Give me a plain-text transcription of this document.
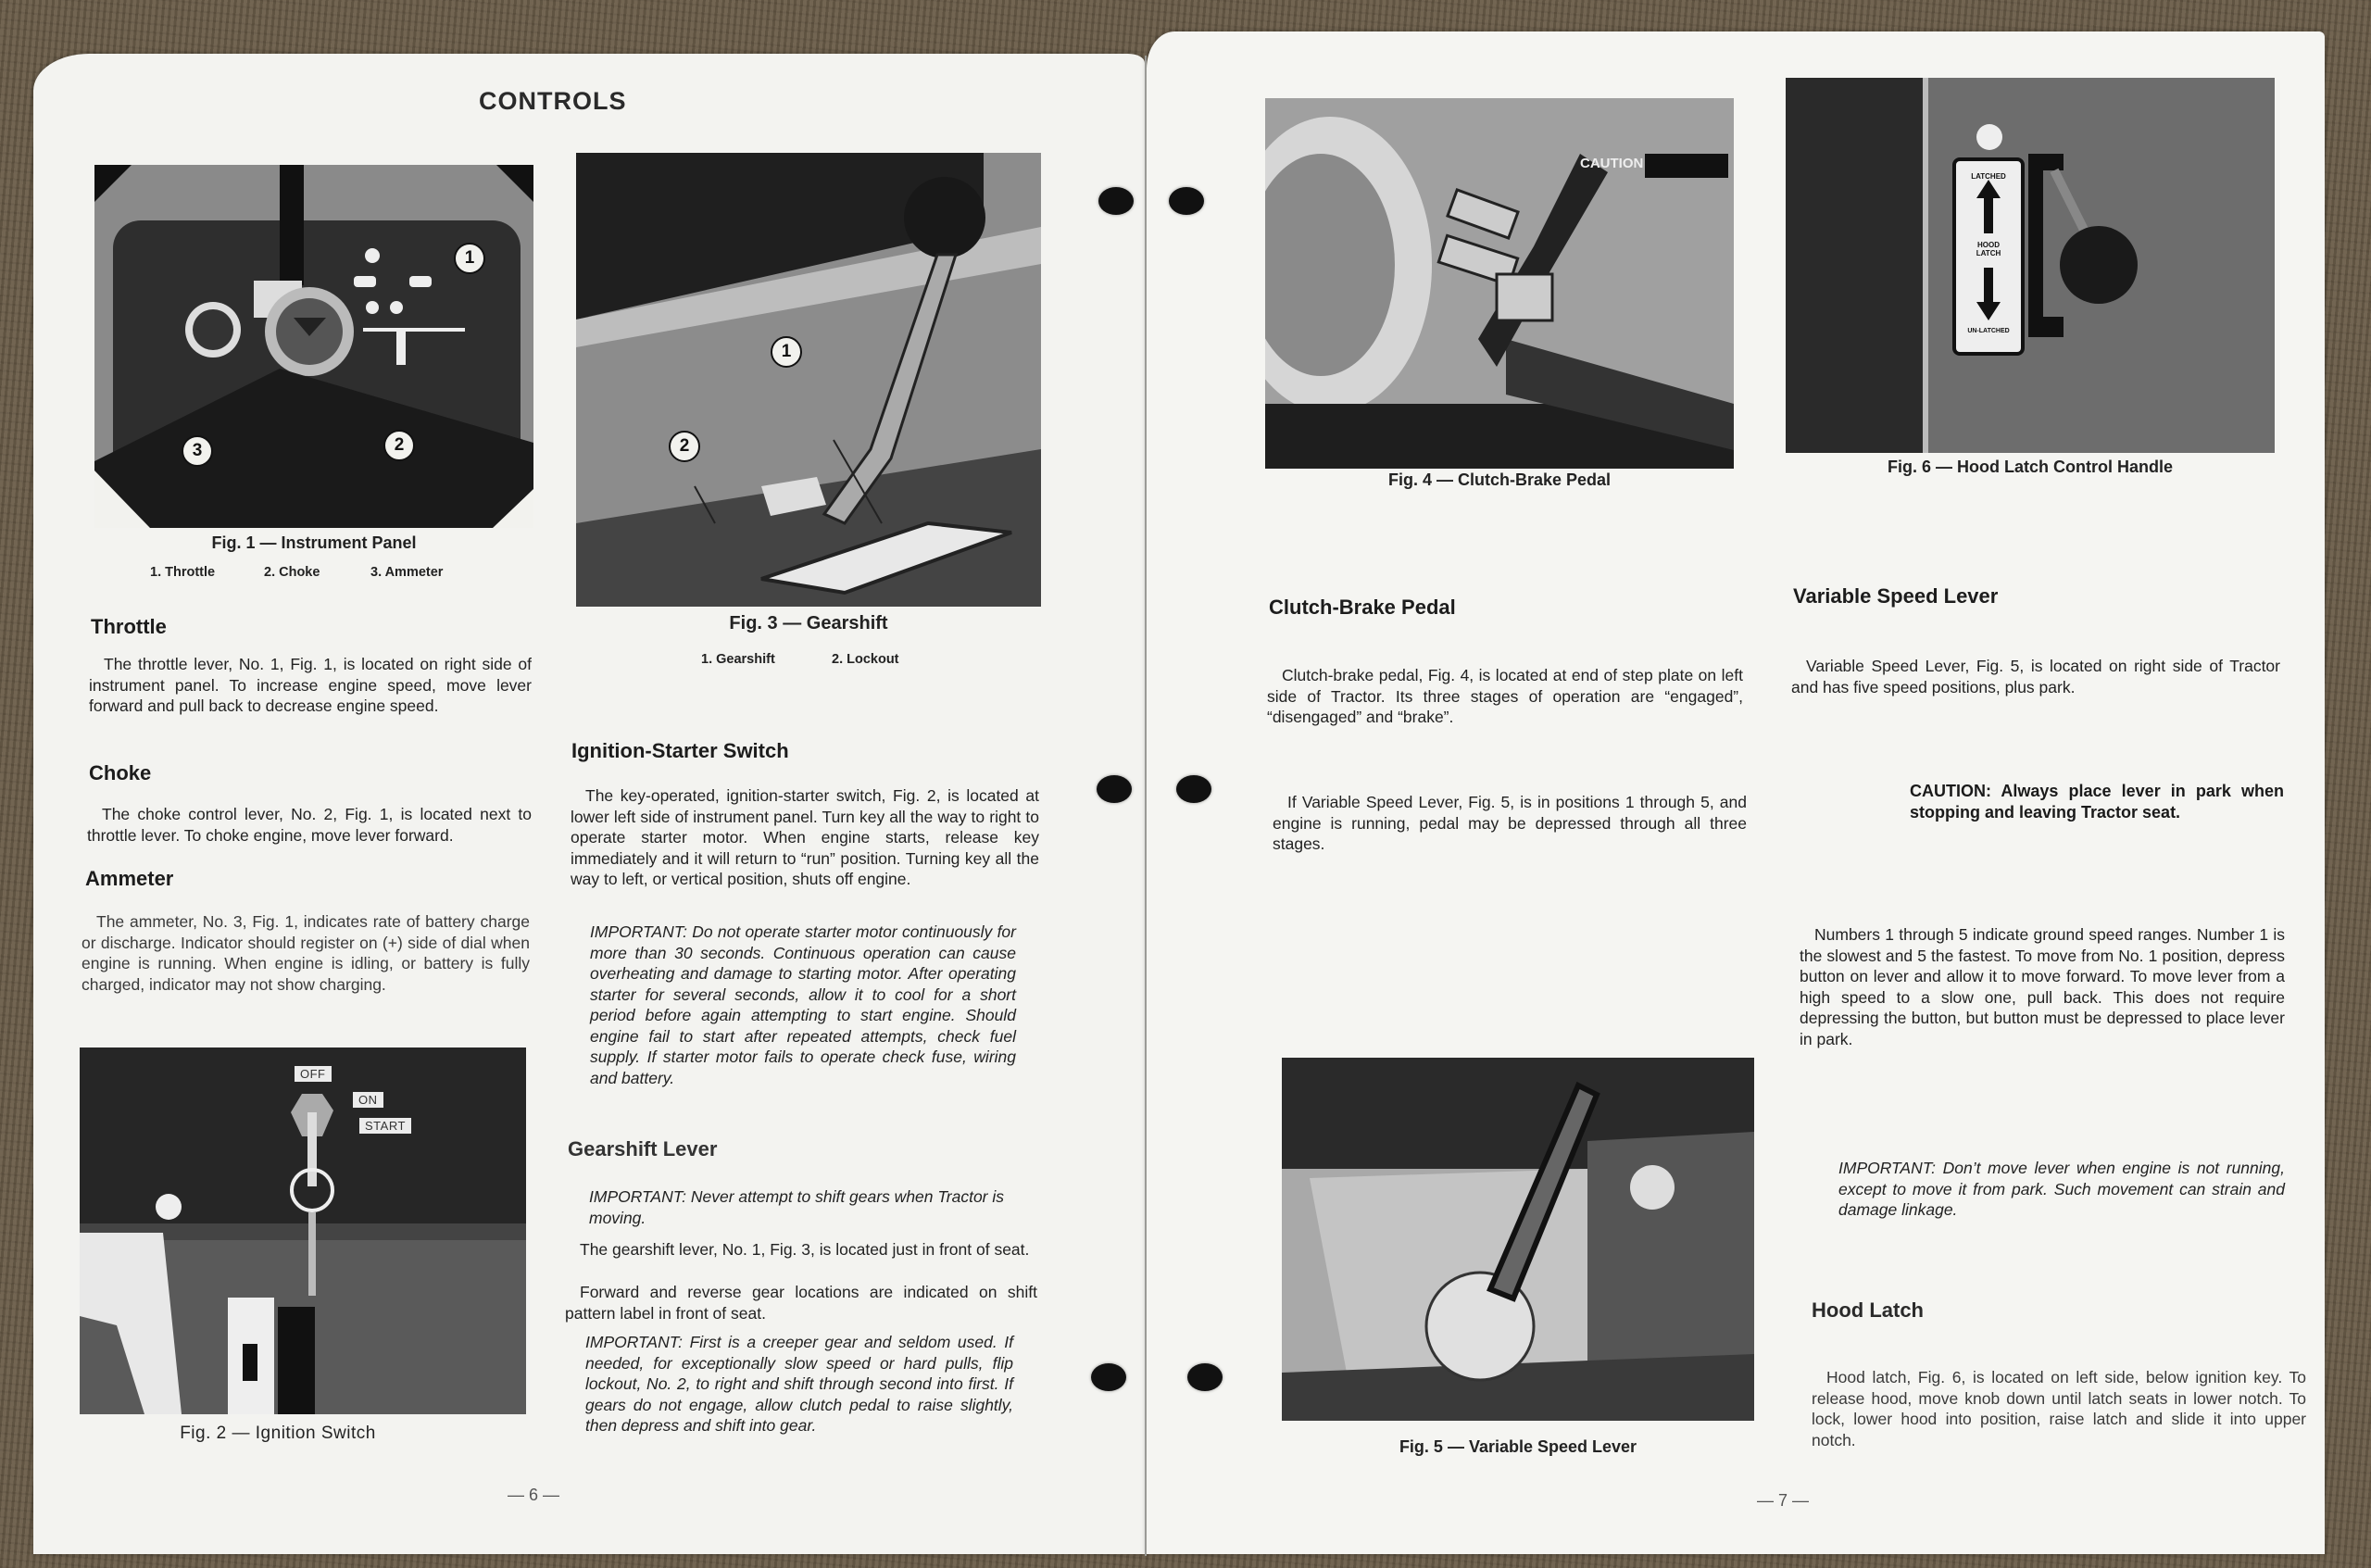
CONTROLS
1
2
3
Fig. 1 — Instrument Panel
1. Throttle	2. Choke	3. Ammeter
Throttle
The throttle lever, No. 1, Fig. 1, is located on right side of instrument panel. To increase engine speed, move lever forward and pull back to decrease engine speed.
Choke
The choke control lever, No. 2, Fig. 1, is located next to throttle lever. To choke engine, move lever forward.
Ammeter
The ammeter, No. 3, Fig. 1, indicates rate of battery charge or discharge. Indicator should register on (+) side of dial when engine is running. When engine is idling, or battery is fully charged, indicator may not show charging.
OFF
ON
START
Fig. 2 — Ignition Switch
1
2
Fig. 3 — Gearshift
1. Gearshift	2. Lockout
Ignition-Starter Switch
The key-operated, ignition-starter switch, Fig. 2, is located at lower left side of instrument panel. Turn key all the way to right to operate starter motor. When engine starts, release key immediately and it will return to “run” position. Turning key all the way to left, or vertical position, shuts off engine.
IMPORTANT: Do not operate starter motor continuously for more than 30 seconds. Continuous operation can cause overheating and damage to starting motor. After operating starter for several seconds, allow it to cool for a short period before again attempting to start engine. Should engine fail to start after repeated attempts, check fuel supply. If starter motor fails to operate check fuse, wiring and battery.
Gearshift Lever
IMPORTANT: Never attempt to shift gears when Tractor is moving.
The gearshift lever, No. 1, Fig. 3, is located just in front of seat.
Forward and reverse gear locations are indicated on shift pattern label in front of seat.
IMPORTANT: First is a creeper gear and seldom used. If needed, for exceptionally slow speed or hard pulls, flip lockout, No. 2, to right and shift through second into first. If gears do not engage, allow clutch pedal to raise slightly, then depress and shift into gear.
— 6 —
CAUTION
Fig. 4 — Clutch-Brake Pedal
LATCHED
HOOD LATCH
UN-LATCHED
Fig. 6 — Hood Latch Control Handle
Clutch-Brake Pedal
Clutch-brake pedal, Fig. 4, is located at end of step plate on left side of Tractor. Its three stages of operation are “engaged”, “disengaged” and “brake”.
If Variable Speed Lever, Fig. 5, is in positions 1 through 5, and engine is running, pedal may be depressed through all three stages.
Variable Speed Lever
Variable Speed Lever, Fig. 5, is located on right side of Tractor and has five speed positions, plus park.
CAUTION: Always place lever in park when stopping and leaving Tractor seat.
Numbers 1 through 5 indicate ground speed ranges. Number 1 is the slowest and 5 the fastest. To move from No. 1 position, depress button on lever and allow it to move forward. To move lever from a high speed to a slow one, pull back. This does not require depressing the button, but button must be depressed to place lever in park.
IMPORTANT: Don’t move lever when engine is not running, except to move it from park. Such movement can strain and damage linkage.
Fig. 5 — Variable Speed Lever
Hood Latch
Hood latch, Fig. 6, is located on left side, below ignition key. To release hood, move knob down until latch seats in lower notch. To lock, lower hood into position, raise latch and slide it into upper notch.
— 7 —
